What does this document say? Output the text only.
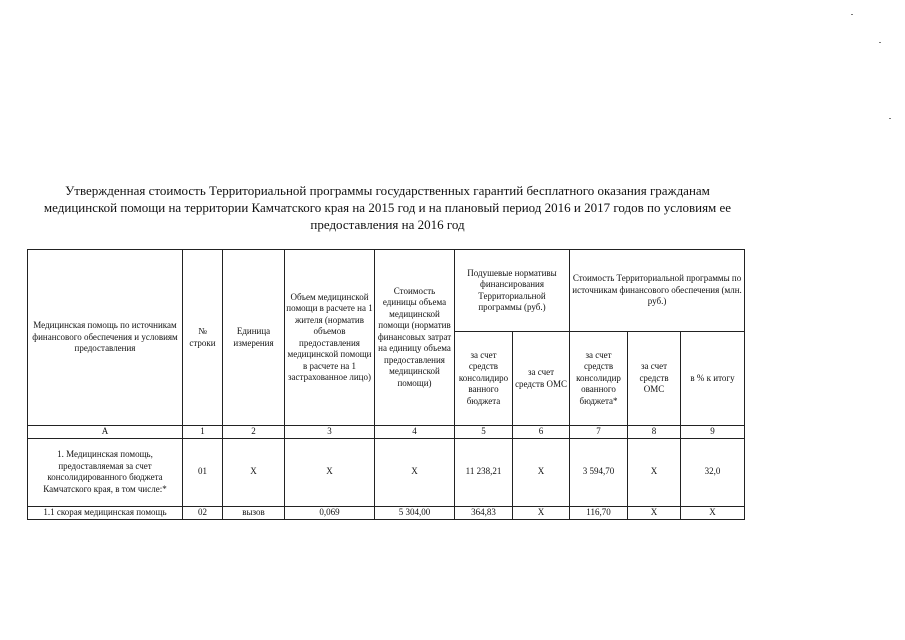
Утвержденная стоимость Территориальной программы государственных гарантий бесплатного оказания гражданам медицинской помощи на территории Камчатского края на 2015 год и на плановый период 2016 и 2017 годов по условиям ее предоставления на 2016 год
Медицинская помощь по источникам финансового обеспечения и условиям предоставления	№ строки	Единица измерения	Объем медицинской помощи в расчете на 1 жителя (норматив объемов предоставления медицинской помощи в расчете на 1 застрахованное лицо)	Стоимость единицы объема медицинской помощи (норматив финансовых затрат на единицу объема предоставления медицинской помощи)	Подушевые нормативы финансирования Территориальной программы (руб.)		Стоимость Территориальной программы по источникам финансового обеспечения (млн. руб.)		
					за счет средств консолидиро ванного бюджета	за счет средств ОМС	за счет средств консолидир ованного бюджета*	за счет средств ОМС	в % к итогу
А	1	2	3	4	5	6	7	8	9
1. Медицинская помощь, предоставляемая за счет консолидированного бюджета Камчатского края, в том числе:*	01	Х	Х	Х	11 238,21	Х	3 594,70	Х	32,0
1.1 скорая медицинская помощь	02	вызов	0,069	5 304,00	364,83	Х	116,70	Х	Х
